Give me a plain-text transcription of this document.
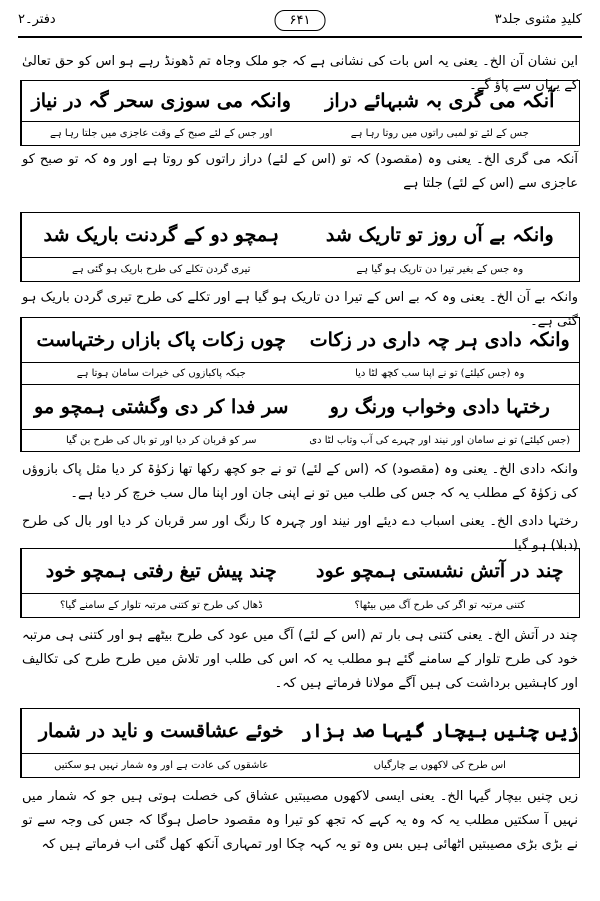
کلیدِ مثنوی جلد۳
۶۴۱
دفتر۔۲
این نشان آن الخ۔ یعنی یہ اس بات کی نشانی ہے کہ جو ملک وجاہ تم ڈھونڈ رہے ہو اس کو حق تعالیٰ کے یہاں سے پاؤ گے۔
آنکہ می گری بہ شبہائے دراز
وانکہ می سوزی سحر گہ در نیاز
جس کے لئے تو لمبی راتوں میں روتا رہا ہے
اور جس کے لئے صبح کے وقت عاجزی میں جلتا رہا ہے
آنکہ می گری الخ۔ یعنی وہ (مقصود) کہ تو (اس کے لئے) دراز راتوں کو روتا ہے اور وہ کہ تو صبح کو عاجزی سے (اس کے لئے) جلتا ہے
وانکہ بے آں روز تو تاریک شد
ہمچو دو کے گردنت باریک شد
وہ جس کے بغیر تیرا دن تاریک ہو گیا ہے
تیری گردن تکلے کی طرح باریک ہو گئی ہے
وانکہ بے آن الخ۔ یعنی وہ کہ بے اس کے تیرا دن تاریک ہو گیا ہے اور تکلے کی طرح تیری گردن باریک ہو گئی ہے۔
وانکہ دادی ہر چہ داری در زکات
چوں زکات پاک بازاں رختہاست
وہ (جس کیلئے) تو نے اپنا سب کچھ لٹا دیا
جبکہ پاکبازوں کی خیرات سامان ہوتا ہے
رختہا دادی وخواب ورنگ رو
سر فدا کر دی وگشتی ہمچو مو
(جس کیلئے) تو نے سامان اور نیند اور چہرے کی آب وتاب لٹا دی
سر کو قربان کر دیا اور تو بال کی طرح بن گیا
وانکہ دادی الخ۔ یعنی وہ (مقصود) کہ (اس کے لئے) تو نے جو کچھ رکھا تھا زکوٰۃ کر دیا مثل پاک بازوؤں کی زکوٰۃ کے مطلب یہ کہ جس کی طلب میں تو نے اپنی جان اور اپنا مال سب خرچ کر دیا ہے۔
رختہا دادی الخ۔ یعنی اسباب دے دیئے اور نیند اور چہرہ کا رنگ اور سر قربان کر دیا اور بال کی طرح (دبلا) ہو گیا۔
چند در آتش نشستی ہمچو عود
چند پیش تیغ رفتی ہمچو خود
کتنی مرتبہ تو اگر کی طرح آگ میں بیٹھا؟
ڈھال کی طرح تو کتنی مرتبہ تلوار کے سامنے گیا؟
چند در آتش الخ۔ یعنی کتنی ہی بار تم (اس کے لئے) آگ میں عود کی طرح بیٹھے ہو اور کتنی ہی مرتبہ خود کی طرح تلوار کے سامنے گئے ہو مطلب یہ کہ اس کی طلب اور تلاش میں طرح طرح کی تکالیف اور کاہشیں برداشت کی ہیں آگے مولانا فرماتے ہیں کہ۔
زیں چنیں بیچار گیہا صد ہزار
خوئے عشاقست و ناید در شمار
اس طرح کی لاکھوں بے چارگیاں
عاشقوں کی عادت ہے اور وہ شمار نہیں ہو سکتیں
زیں چنیں بیچار گیہا الخ۔ یعنی ایسی لاکھوں مصیبتیں عشاق کی خصلت ہوتی ہیں جو کہ شمار میں نہیں آ سکتیں مطلب یہ کہ وہ یہ کہے کہ تجھ کو تیرا وہ مقصود حاصل ہوگا کہ جس کی وجہ سے تو نے بڑی بڑی مصیبتیں اٹھائی ہیں بس وہ تو یہ کہہ چکا اور تمہاری آنکھ کھل گئی اب فرماتے ہیں کہ
